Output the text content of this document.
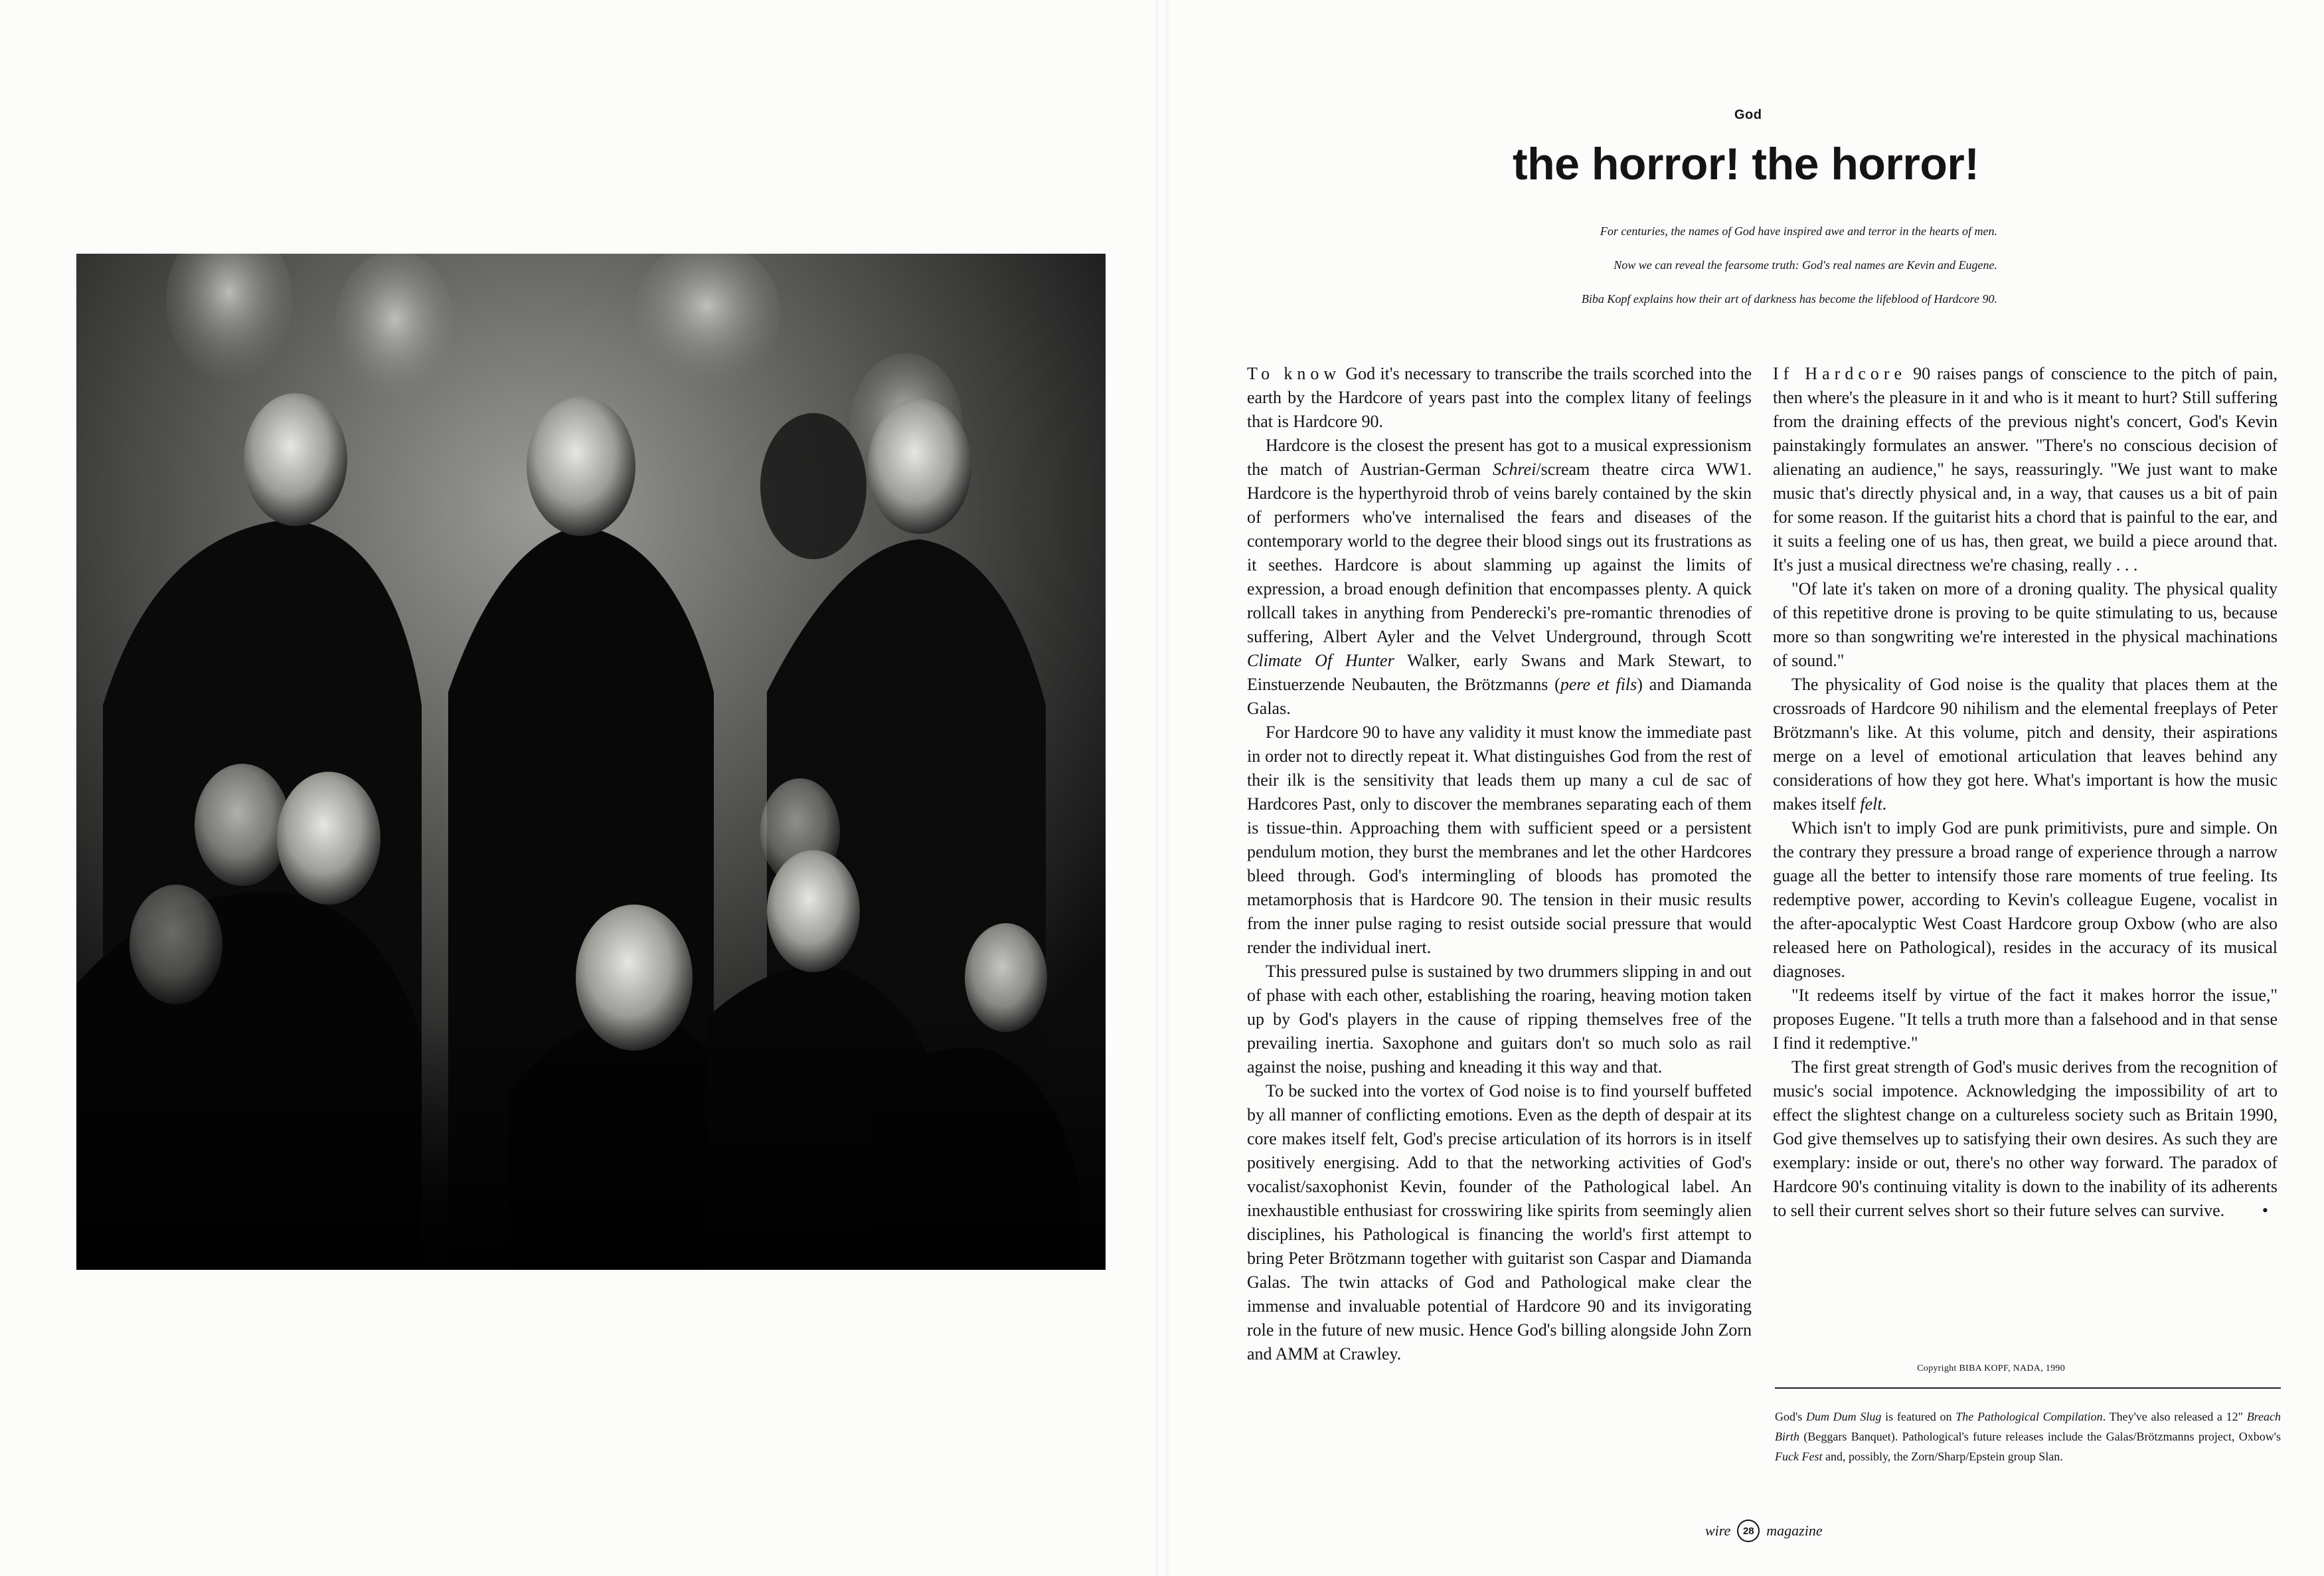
God
the horror! the horror!

For centuries, the names of God have inspired awe and terror in the hearts of men.

Now we can reveal the fearsome truth: God's real names are Kevin and Eugene.

Biba Kopf explains how their art of darkness has become the lifeblood of Hardcore 90.

To know God it's necessary to transcribe the trails scorched into the earth by the Hardcore of years past into the complex litany of feelings that is Hardcore 90.

Hardcore is the closest the present has got to a musical expressionism the match of Austrian-German Schrei/scream theatre circa WW1. Hardcore is the hyperthyroid throb of veins barely contained by the skin of performers who've internalised the fears and diseases of the contemporary world to the degree their blood sings out its frustrations as it seethes. Hardcore is about slamming up against the limits of expression, a broad enough definition that encompasses plenty. A quick rollcall takes in anything from Penderecki's pre-romantic threnodies of suffering, Albert Ayler and the Velvet Underground, through Scott Climate Of Hunter Walker, early Swans and Mark Stewart, to Einstuerzende Neubauten, the Brötzmanns (pere et fils) and Diamanda Galas.

For Hardcore 90 to have any validity it must know the immediate past in order not to directly repeat it. What distinguishes God from the rest of their ilk is the sensitivity that leads them up many a cul de sac of Hardcores Past, only to discover the membranes separating each of them is tissue-thin. Approaching them with sufficient speed or a persistent pendulum motion, they burst the membranes and let the other Hardcores bleed through. God's intermingling of bloods has promoted the metamorphosis that is Hardcore 90. The tension in their music results from the inner pulse raging to resist outside social pressure that would render the individual inert.

This pressured pulse is sustained by two drummers slipping in and out of phase with each other, establishing the roaring, heaving motion taken up by God's players in the cause of ripping themselves free of the prevailing inertia. Saxophone and guitars don't so much solo as rail against the noise, pushing and kneading it this way and that.

To be sucked into the vortex of God noise is to find yourself buffeted by all manner of conflicting emotions. Even as the depth of despair at its core makes itself felt, God's precise articulation of its horrors is in itself positively energising. Add to that the networking activities of God's vocalist/saxophonist Kevin, founder of the Pathological label. An inexhaustible enthusiast for crosswiring like spirits from seemingly alien disciplines, his Pathological is financing the world's first attempt to bring Peter Brötzmann together with guitarist son Caspar and Diamanda Galas. The twin attacks of God and Pathological make clear the immense and invaluable potential of Hardcore 90 and its invigorating role in the future of new music. Hence God's billing alongside John Zorn and AMM at Crawley.

If Hardcore 90 raises pangs of conscience to the pitch of pain, then where's the pleasure in it and who is it meant to hurt? Still suffering from the draining effects of the previous night's concert, God's Kevin painstakingly formulates an answer. "There's no conscious decision of alienating an audience," he says, reassuringly. "We just want to make music that's directly physical and, in a way, that causes us a bit of pain for some reason. If the guitarist hits a chord that is painful to the ear, and it suits a feeling one of us has, then great, we build a piece around that. It's just a musical directness we're chasing, really . . .

"Of late it's taken on more of a droning quality. The physical quality of this repetitive drone is proving to be quite stimulating to us, because more so than songwriting we're interested in the physical machinations of sound."

The physicality of God noise is the quality that places them at the crossroads of Hardcore 90 nihilism and the elemental freeplays of Peter Brötzmann's like. At this volume, pitch and density, their aspirations merge on a level of emotional articulation that leaves behind any considerations of how they got here. What's important is how the music makes itself felt.

Which isn't to imply God are punk primitivists, pure and simple. On the contrary they pressure a broad range of experience through a narrow guage all the better to intensify those rare moments of true feeling. Its redemptive power, according to Kevin's colleague Eugene, vocalist in the after-apocalyptic West Coast Hardcore group Oxbow (who are also released here on Pathological), resides in the accuracy of its musical diagnoses.

"It redeems itself by virtue of the fact it makes horror the issue," proposes Eugene. "It tells a truth more than a falsehood and in that sense I find it redemptive."

The first great strength of God's music derives from the recognition of music's social impotence. Acknowledging the impossibility of art to effect the slightest change on a cultureless society such as Britain 1990, God give themselves up to satisfying their own desires. As such they are exemplary: inside or out, there's no other way forward. The paradox of Hardcore 90's continuing vitality is down to the inability of its adherents to sell their current selves short so their future selves can survive.	•

Copyright BIBA KOPF, NADA, 1990

God's Dum Dum Slug is featured on The Pathological Compilation. They've also released a 12" Breach Birth (Beggars Banquet). Pathological's future releases include the Galas/Brötzmanns project, Oxbow's Fuck Fest and, possibly, the Zorn/Sharp/Epstein group Slan.

wire	28 magazine
